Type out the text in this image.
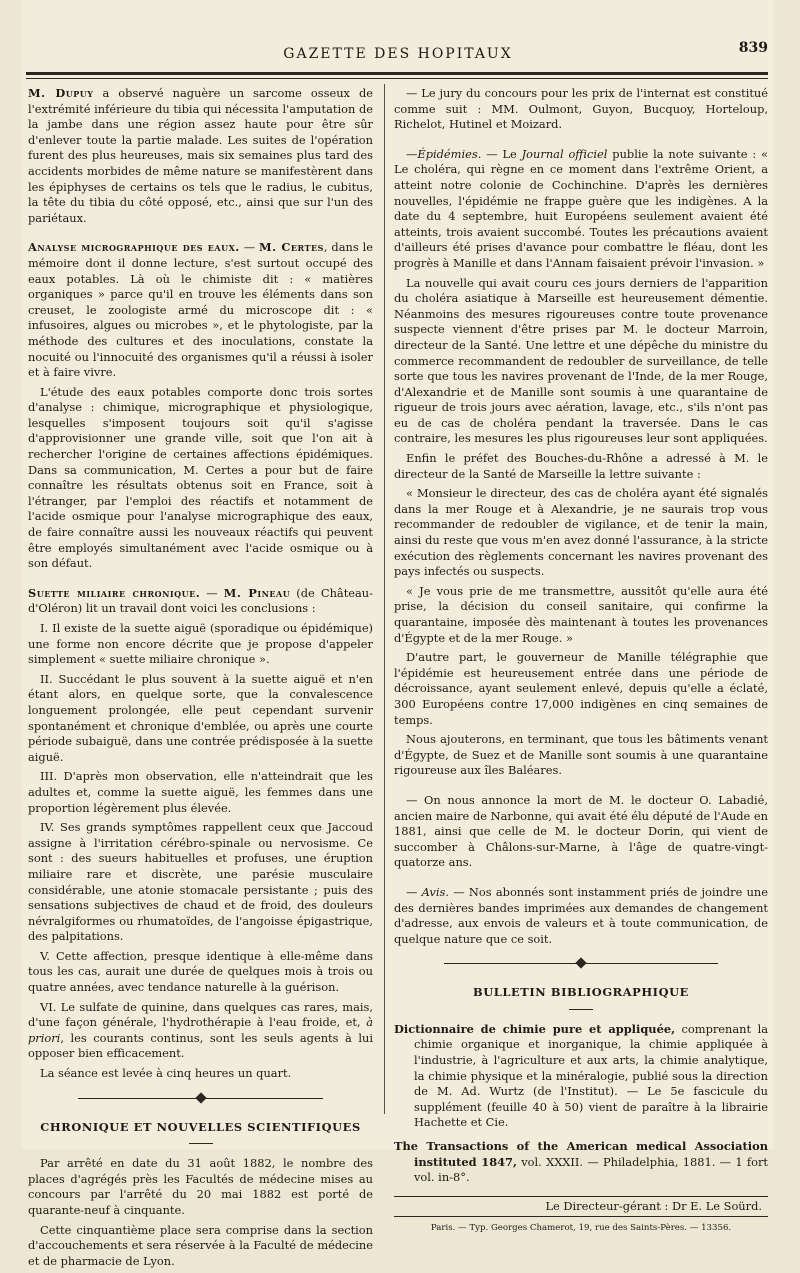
GAZETTE DES HOPITAUX	839

M. Dupuy a observé naguère un sarcome osseux de l'extrémité inférieure du tibia qui nécessita l'amputation de la jambe dans une région assez haute pour être sûr d'enlever toute la partie malade. Les suites de l'opération furent des plus heureuses, mais six semaines plus tard des accidents morbides de même nature se manifestèrent dans les épiphyses de certains os tels que le radius, le cubitus, la tête du tibia du côté opposé, etc., ainsi que sur l'un des pariétaux.

Analyse micrographique des eaux. — M. Certes, dans le mémoire dont il donne lecture, s'est surtout occupé des eaux potables. Là où le chimiste dit : « matières organiques » parce qu'il en trouve les éléments dans son creuset, le zoologiste armé du microscope dit : « infusoires, algues ou microbes », et le phytologiste, par la méthode des cultures et des inoculations, constate la nocuité ou l'innocuité des organismes qu'il a réussi à isoler et à faire vivre.

L'étude des eaux potables comporte donc trois sortes d'analyse : chimique, micrographique et physiologique, lesquelles s'imposent toujours soit qu'il s'agisse d'approvisionner une grande ville, soit que l'on ait à rechercher l'origine de certaines affections épidémiques. Dans sa communication, M. Certes a pour but de faire connaître les résultats obtenus soit en France, soit à l'étranger, par l'emploi des réactifs et notamment de l'acide osmique pour l'analyse micrographique des eaux, de faire connaître aussi les nouveaux réactifs qui peuvent être employés simultanément avec l'acide osmique ou à son défaut.

Suette miliaire chronique. — M. Pineau (de Château-d'Oléron) lit un travail dont voici les conclusions :

I. Il existe de la suette aiguë (sporadique ou épidémique) une forme non encore décrite que je propose d'appeler simplement « suette miliaire chronique ».

II. Succédant le plus souvent à la suette aiguë et n'en étant alors, en quelque sorte, que la convalescence longuement prolongée, elle peut cependant survenir spontanément et chronique d'emblée, ou après une courte période subaiguë, dans une contrée prédisposée à la suette aiguë.

III. D'après mon observation, elle n'atteindrait que les adultes et, comme la suette aiguë, les femmes dans une proportion légèrement plus élevée.

IV. Ses grands symptômes rappellent ceux que Jaccoud assigne à l'irritation cérébro-spinale ou nervosisme. Ce sont : des sueurs habituelles et profuses, une éruption miliaire rare et discrète, une parésie musculaire considérable, une atonie stomacale persistante ; puis des sensations subjectives de chaud et de froid, des douleurs névralgiformes ou rhumatoïdes, de l'angoisse épigastrique, des palpitations.

V. Cette affection, presque identique à elle-même dans tous les cas, aurait une durée de quelques mois à trois ou quatre années, avec tendance naturelle à la guérison.

VI. Le sulfate de quinine, dans quelques cas rares, mais, d'une façon générale, l'hydrothérapie à l'eau froide, et, à priori, les courants continus, sont les seuls agents à lui opposer bien efficacement.

La séance est levée à cinq heures un quart.

CHRONIQUE ET NOUVELLES SCIENTIFIQUES

Par arrêté en date du 31 août 1882, le nombre des places d'agrégés près les Facultés de médecine mises au concours par l'arrêté du 20 mai 1882 est porté de quarante-neuf à cinquante.

Cette cinquantième place sera comprise dans la section d'accouchements et sera réservée à la Faculté de médecine et de pharmacie de Lyon.

— Le jury du concours pour les prix de l'internat est constitué comme suit : MM. Oulmont, Guyon, Bucquoy, Horteloup, Richelot, Hutinel et Moizard.

—Épidémies. — Le Journal officiel publie la note suivante : « Le choléra, qui règne en ce moment dans l'extrême Orient, a atteint notre colonie de Cochinchine. D'après les dernières nouvelles, l'épidémie ne frappe guère que les indigènes. A la date du 4 septembre, huit Européens seulement avaient été atteints, trois avaient succombé. Toutes les précautions avaient d'ailleurs été prises d'avance pour combattre le fléau, dont les progrès à Manille et dans l'Annam faisaient prévoir l'invasion. »

La nouvelle qui avait couru ces jours derniers de l'apparition du choléra asiatique à Marseille est heureusement démentie. Néanmoins des mesures rigoureuses contre toute provenance suspecte viennent d'être prises par M. le docteur Marroin, directeur de la Santé. Une lettre et une dépêche du ministre du commerce recommandent de redoubler de surveillance, de telle sorte que tous les navires provenant de l'Inde, de la mer Rouge, d'Alexandrie et de Manille sont soumis à une quarantaine de rigueur de trois jours avec aération, lavage, etc., s'ils n'ont pas eu de cas de choléra pendant la traversée. Dans le cas contraire, les mesures les plus rigoureuses leur sont appliquées.

Enfin le préfet des Bouches-du-Rhône a adressé à M. le directeur de la Santé de Marseille la lettre suivante :

« Monsieur le directeur, des cas de choléra ayant été signalés dans la mer Rouge et à Alexandrie, je ne saurais trop vous recommander de redoubler de vigilance, et de tenir la main, ainsi du reste que vous m'en avez donné l'assurance, à la stricte exécution des règlements concernant les navires provenant des pays infectés ou suspects.

« Je vous prie de me transmettre, aussitôt qu'elle aura été prise, la décision du conseil sanitaire, qui confirme la quarantaine, imposée dès maintenant à toutes les provenances d'Égypte et de la mer Rouge. »

D'autre part, le gouverneur de Manille télégraphie que l'épidémie est heureusement entrée dans une période de décroissance, ayant seulement enlevé, depuis qu'elle a éclaté, 300 Européens contre 17,000 indigènes en cinq semaines de temps.

Nous ajouterons, en terminant, que tous les bâtiments venant d'Égypte, de Suez et de Manille sont soumis à une quarantaine rigoureuse aux îles Baléares.

— On nous annonce la mort de M. le docteur O. Labadié, ancien maire de Narbonne, qui avait été élu député de l'Aude en 1881, ainsi que celle de M. le docteur Dorin, qui vient de succomber à Châlons-sur-Marne, à l'âge de quatre-vingt-quatorze ans.

— Avis. — Nos abonnés sont instamment priés de joindre une des dernières bandes imprimées aux demandes de changement d'adresse, aux envois de valeurs et à toute communication, de quelque nature que ce soit.

BULLETIN BIBLIOGRAPHIQUE

Dictionnaire de chimie pure et appliquée, comprenant la chimie organique et inorganique, la chimie appliquée à l'industrie, à l'agriculture et aux arts, la chimie analytique, la chimie physique et la minéralogie, publié sous la direction de M. Ad. Wurtz (de l'Institut). — Le 5e fascicule du supplément (feuille 40 à 50) vient de paraître à la librairie Hachette et Cie.

The Transactions of the American medical Association instituted 1847, vol. XXXII. — Philadelphia, 1881. — 1 fort vol. in-8°.

Le Directeur-gérant : Dr E. Le Soürd.
Paris. — Typ. Georges Chamerot, 19, rue des Saints-Pères. — 13356.
